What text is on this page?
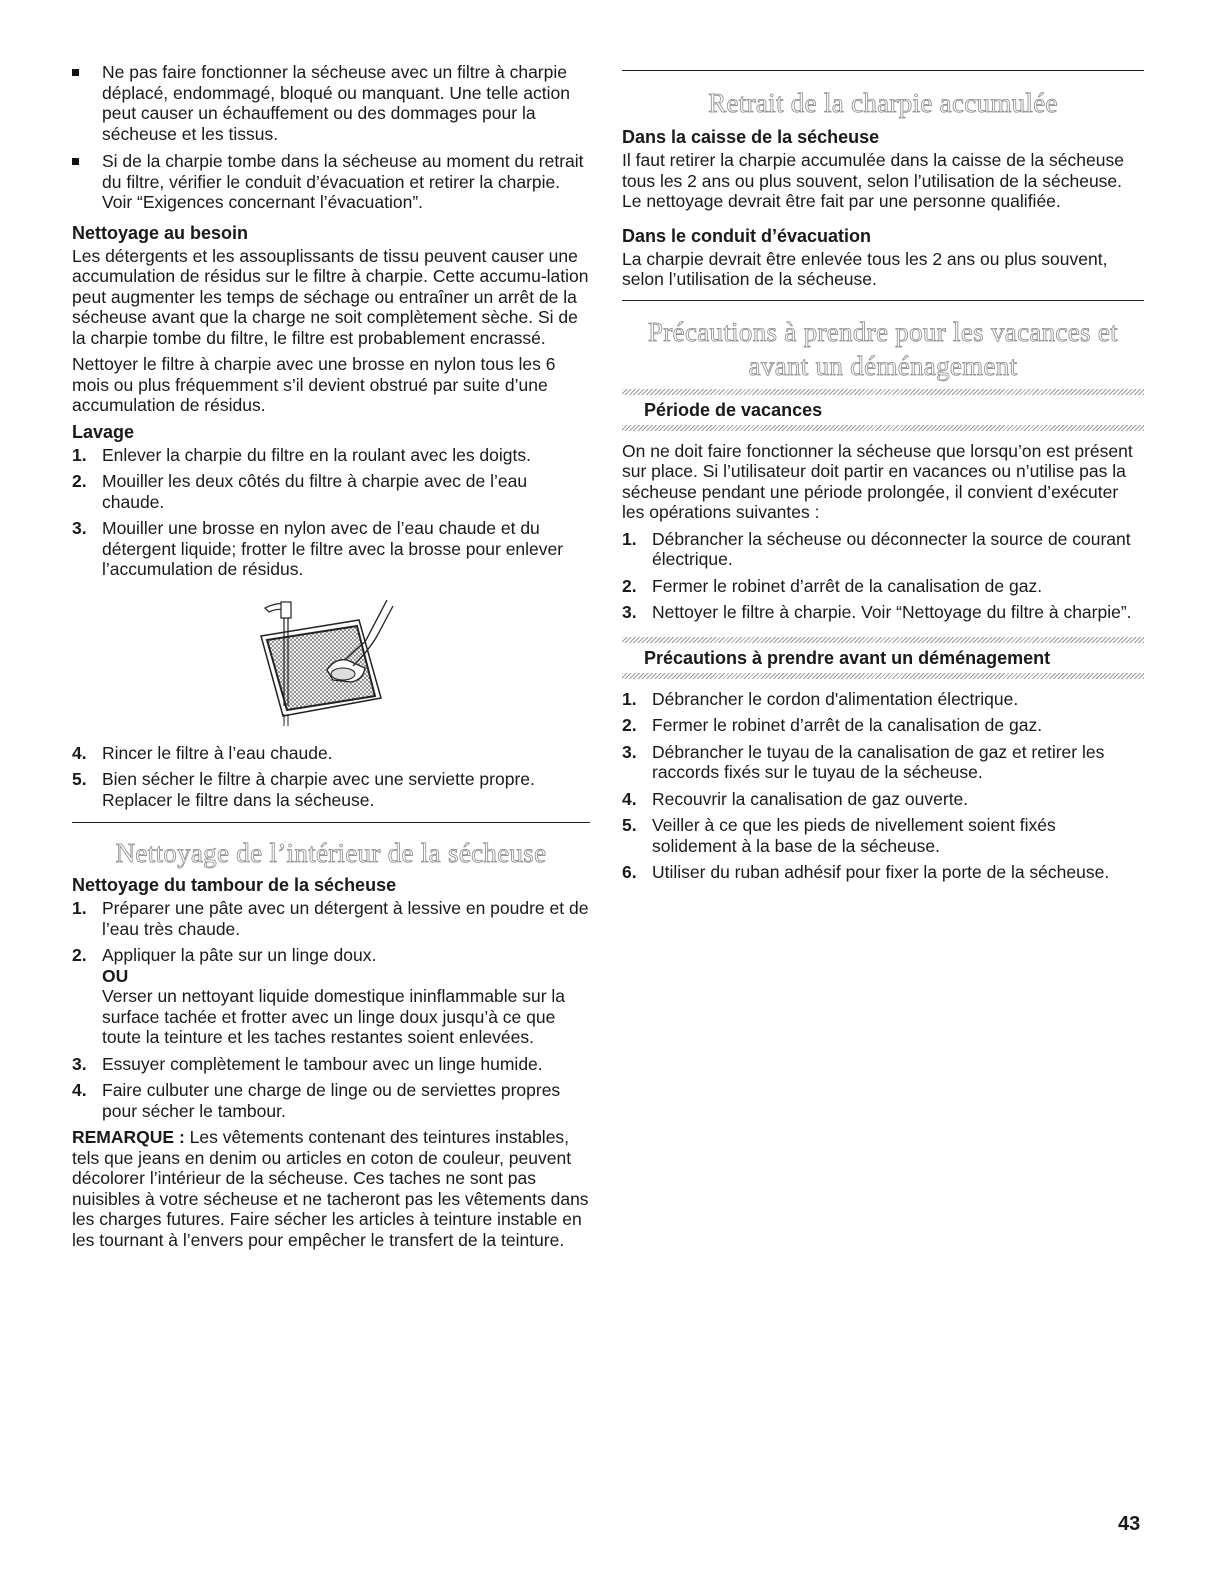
Ne pas faire fonctionner la sécheuse avec un filtre à charpie déplacé, endommagé, bloqué ou manquant. Une telle action peut causer un échauffement ou des dommages pour la sécheuse et les tissus.
Si de la charpie tombe dans la sécheuse au moment du retrait du filtre, vérifier le conduit d’évacuation et retirer la charpie. Voir “Exigences concernant l’évacuation”.
Nettoyage au besoin

Les détergents et les assouplissants de tissu peuvent causer une accumulation de résidus sur le filtre à charpie. Cette accumu-lation peut augmenter les temps de séchage ou entraîner un arrêt de la sécheuse avant que la charge ne soit complètement sèche. Si de la charpie tombe du filtre, le filtre est probablement encrassé.

Nettoyer le filtre à charpie avec une brosse en nylon tous les 6 mois ou plus fréquemment s’il devient obstrué par suite d’une accumulation de résidus.

Lavage
1. Enlever la charpie du filtre en la roulant avec les doigts.
2. Mouiller les deux côtés du filtre à charpie avec de l’eau chaude.
3. Mouiller une brosse en nylon avec de l’eau chaude et du détergent liquide; frotter le filtre avec la brosse pour enlever l’accumulation de résidus.
4. Rincer le filtre à l’eau chaude.
5. Bien sécher le filtre à charpie avec une serviette propre. Replacer le filtre dans la sécheuse.
Nettoyage de l’intérieur de la sécheuse
Nettoyage du tambour de la sécheuse
1. Préparer une pâte avec un détergent à lessive en poudre et de l’eau très chaude.
2. Appliquer la pâte sur un linge doux.
OU
Verser un nettoyant liquide domestique ininflammable sur la surface tachée et frotter avec un linge doux jusqu’à ce que toute la teinture et les taches restantes soient enlevées.
3. Essuyer complètement le tambour avec un linge humide.
4. Faire culbuter une charge de linge ou de serviettes propres pour sécher le tambour.

REMARQUE : Les vêtements contenant des teintures instables, tels que jeans en denim ou articles en coton de couleur, peuvent décolorer l’intérieur de la sécheuse. Ces taches ne sont pas nuisibles à votre sécheuse et ne tacheront pas les vêtements dans les charges futures. Faire sécher les articles à teinture instable en les tournant à l’envers pour empêcher le transfert de la teinture.

Retrait de la charpie accumulée
Dans la caisse de la sécheuse

Il faut retirer la charpie accumulée dans la caisse de la sécheuse tous les 2 ans ou plus souvent, selon l’utilisation de la sécheuse. Le nettoyage devrait être fait par une personne qualifiée.

Dans le conduit d’évacuation

La charpie devrait être enlevée tous les 2 ans ou plus souvent, selon l’utilisation de la sécheuse.

Précautions à prendre pour les vacances et avant un déménagement
Période de vacances

On ne doit faire fonctionner la sécheuse que lorsqu’on est présent sur place. Si l’utilisateur doit partir en vacances ou n’utilise pas la sécheuse pendant une période prolongée, il convient d’exécuter les opérations suivantes :

1. Débrancher la sécheuse ou déconnecter la source de courant électrique.
2. Fermer le robinet d’arrêt de la canalisation de gaz.
3. Nettoyer le filtre à charpie. Voir “Nettoyage du filtre à charpie”.
Précautions à prendre avant un déménagement
1. Débrancher le cordon d'alimentation électrique.
2. Fermer le robinet d’arrêt de la canalisation de gaz.
3. Débrancher le tuyau de la canalisation de gaz et retirer les raccords fixés sur le tuyau de la sécheuse.
4. Recouvrir la canalisation de gaz ouverte.
5. Veiller à ce que les pieds de nivellement soient fixés solidement à la base de la sécheuse.
6. Utiliser du ruban adhésif pour fixer la porte de la sécheuse.
43
